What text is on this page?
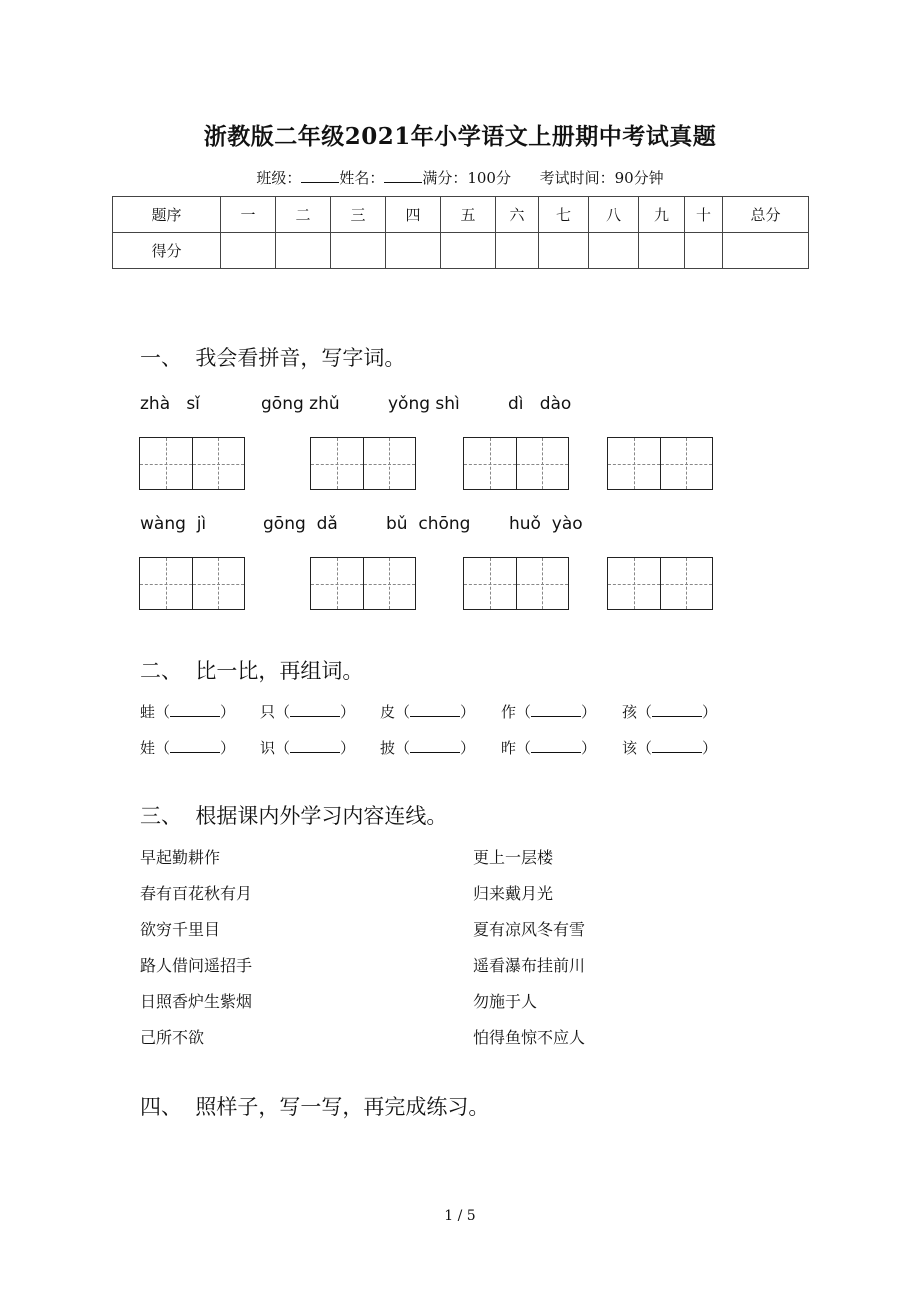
浙教版二年级2021年小学语文上册期中考试真题
班级：	姓名：	满分：100分 考试时间：90分钟
题序	一	二	三	四	五	六	七	八	九	十	总分
得分											
一、  我会看拼音，写字词。
zhà   sǐ	gōng zhǔ	yǒng shì	dì   dào
wàng  jì	gōng  dǎ	bǔ  chōng huǒ  yào
二、  比一比，再组词。
蛙（	） 只（	） 皮（	） 作（	） 孩（	）
娃（	） 识（	） 披（	） 昨（	） 该（	）
三、  根据课内外学习内容连线。
早起勤耕作
春有百花秋有月
欲穷千里目
路人借问遥招手
日照香炉生紫烟
己所不欲
更上一层楼
归来戴月光
夏有凉风冬有雪
遥看瀑布挂前川
勿施于人
怕得鱼惊不应人
四、  照样子，写一写，再完成练习。
1 / 5
